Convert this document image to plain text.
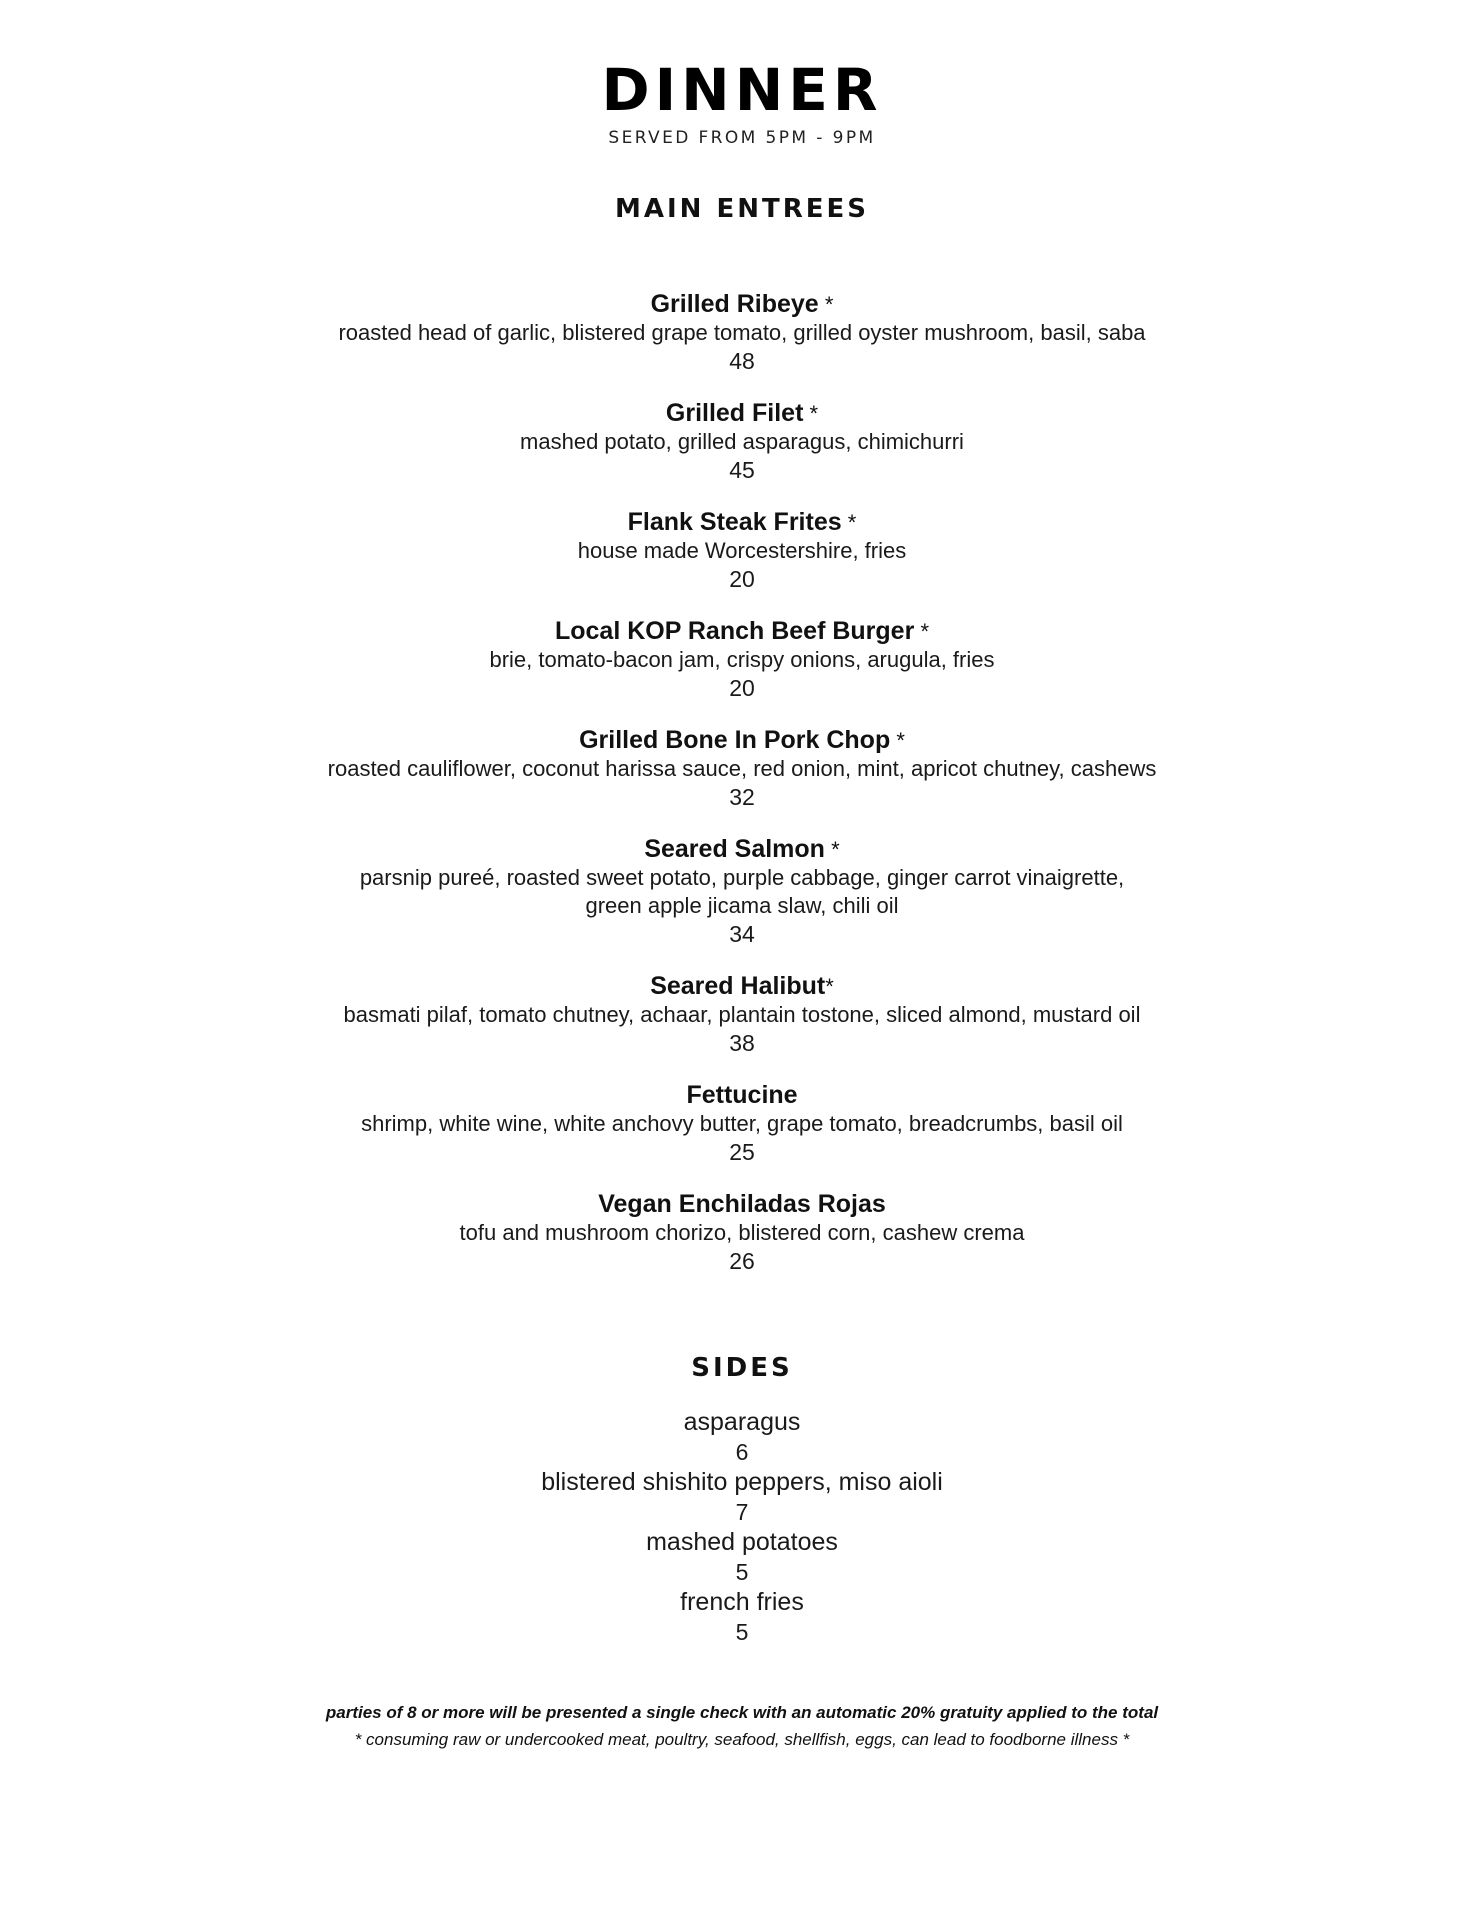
DINNER
SERVED FROM 5PM - 9PM
MAIN ENTREES
Grilled Ribeye *
roasted head of garlic, blistered grape tomato, grilled oyster mushroom, basil, saba
48
Grilled Filet *
mashed potato, grilled asparagus, chimichurri
45
Flank Steak Frites *
house made Worcestershire, fries
20
Local KOP Ranch Beef Burger *
brie, tomato-bacon jam, crispy onions, arugula, fries
20
Grilled Bone In Pork Chop *
roasted cauliflower, coconut harissa sauce, red onion, mint, apricot chutney, cashews
32
Seared Salmon *
parsnip pureé, roasted sweet potato, purple cabbage, ginger carrot vinaigrette,
green apple jicama slaw, chili oil
34
Seared Halibut*
basmati pilaf, tomato chutney, achaar, plantain tostone, sliced almond, mustard oil
38
Fettucine
shrimp, white wine, white anchovy butter, grape tomato, breadcrumbs, basil oil
25
Vegan Enchiladas Rojas
tofu and mushroom chorizo, blistered corn, cashew crema
26
SIDES
asparagus
6
blistered shishito peppers, miso aioli
7
mashed potatoes
5
french fries
5
parties of 8 or more will be presented a single check with an automatic 20% gratuity applied to the total
* consuming raw or undercooked meat, poultry, seafood, shellfish, eggs, can lead to foodborne illness *
